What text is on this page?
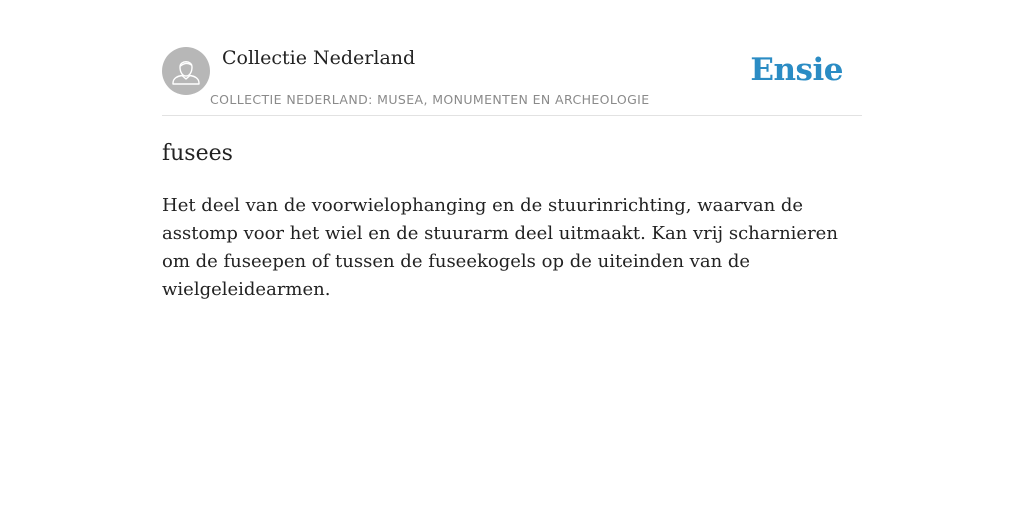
Collectie Nederland
COLLECTIE NEDERLAND: MUSEA, MONUMENTEN EN ARCHEOLOGIE
Ensie
fusees

Het deel van de voorwielophanging en de stuurinrichting, waarvan de asstomp voor het wiel en de stuurarm deel uitmaakt. Kan vrij scharnieren om de fuseepen of tussen de fuseekogels op de uiteinden van de wielgeleidearmen.
